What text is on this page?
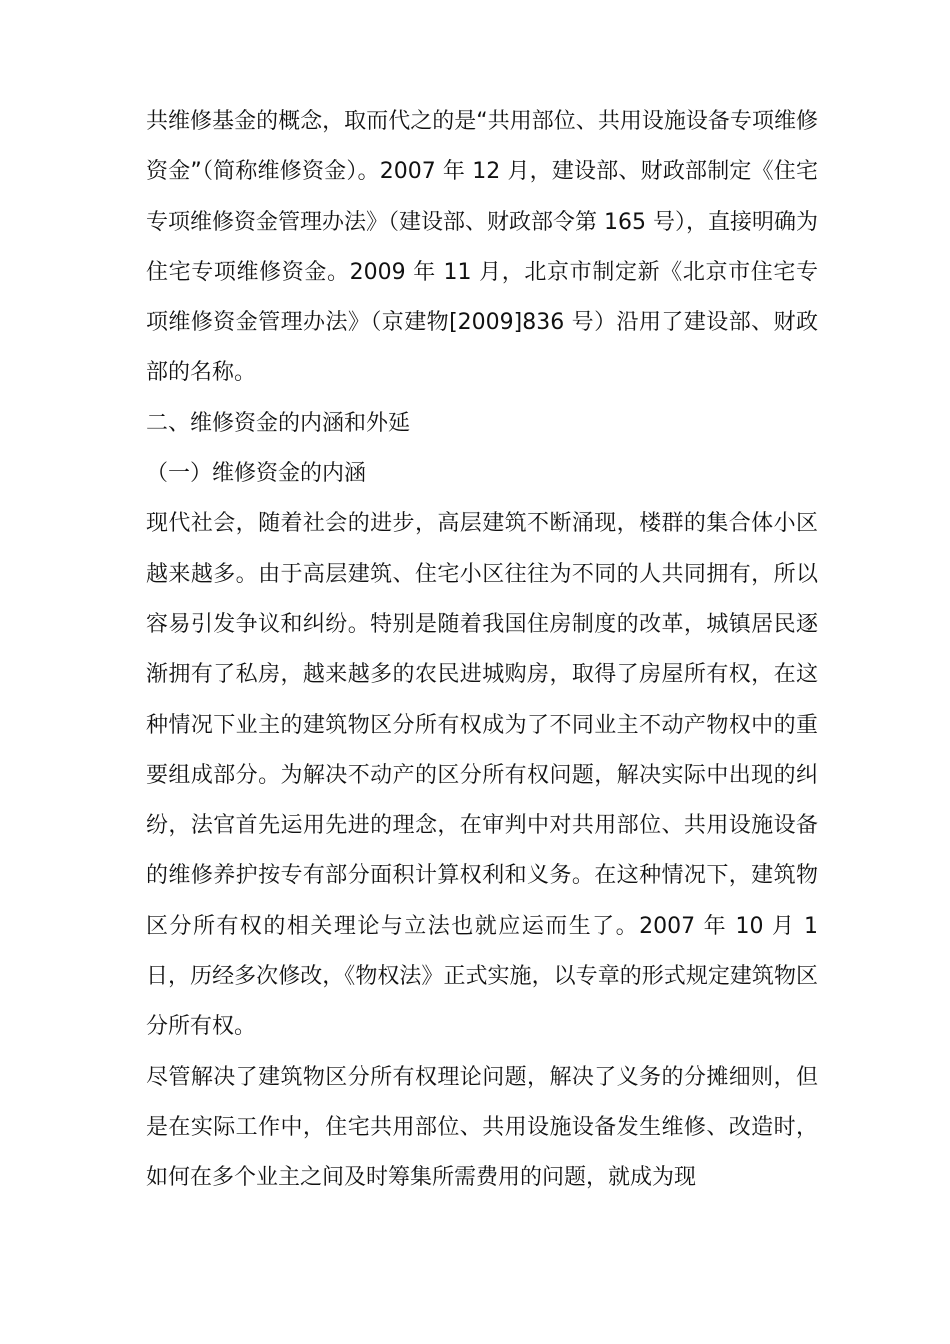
共维修基金的概念，取而代之的是“共用部位、共用设施设备专项维修资金”（简称维修资金）。2007 年 12 月，建设部、财政部制定《住宅专项维修资金管理办法》（建设部、财政部令第 165 号），直接明确为住宅专项维修资金。2009 年 11 月，北京市制定新《北京市住宅专项维修资金管理办法》（京建物[2009]836 号）沿用了建设部、财政部的名称。

二、维修资金的内涵和外延

（一）维修资金的内涵

现代社会，随着社会的进步，高层建筑不断涌现，楼群的集合体小区越来越多。由于高层建筑、住宅小区往往为不同的人共同拥有，所以容易引发争议和纠纷。特别是随着我国住房制度的改革，城镇居民逐渐拥有了私房，越来越多的农民进城购房，取得了房屋所有权，在这种情况下业主的建筑物区分所有权成为了不同业主不动产物权中的重要组成部分。为解决不动产的区分所有权问题，解决实际中出现的纠纷，法官首先运用先进的理念，在审判中对共用部位、共用设施设备的维修养护按专有部分面积计算权利和义务。在这种情况下，建筑物区分所有权的相关理论与立法也就应运而生了。2007 年 10 月 1 日，历经多次修改，《物权法》正式实施，以专章的形式规定建筑物区分所有权。

尽管解决了建筑物区分所有权理论问题，解决了义务的分摊细则，但是在实际工作中，住宅共用部位、共用设施设备发生维修、改造时，如何在多个业主之间及时筹集所需费用的问题，就成为现
